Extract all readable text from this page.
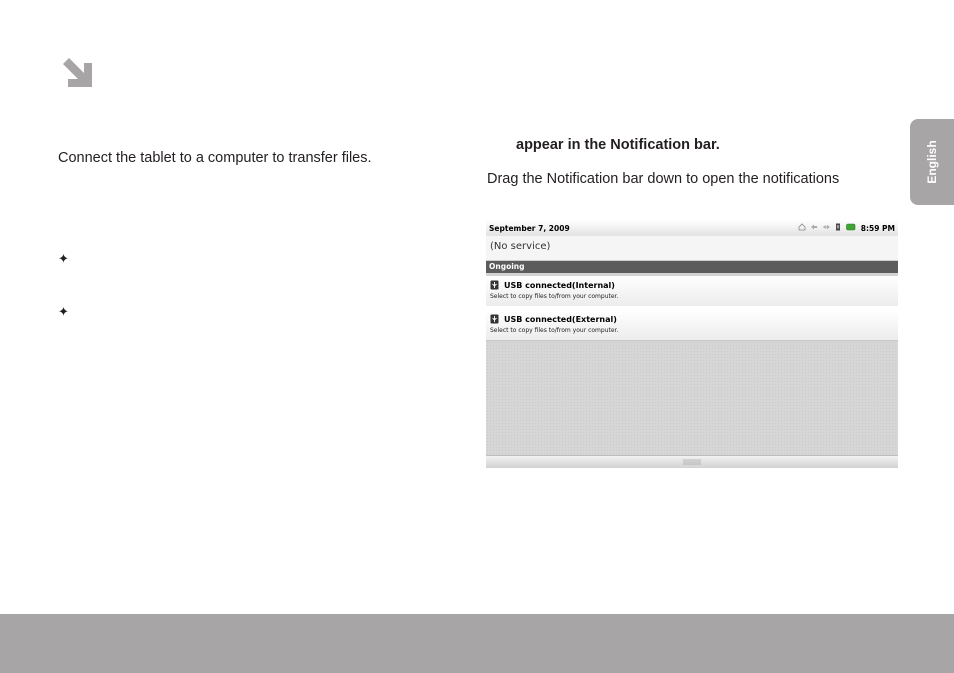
Connect the tablet to a computer to transfer files.

✦
✦

appear in the Notification bar.

Drag the Notification bar down to open the notifications	English
September 7, 2009	8:59 PM
(No service)
Ongoing
USB connected(Internal)
Select to copy files to/from your computer.
USB connected(External)
Select to copy files to/from your computer.
